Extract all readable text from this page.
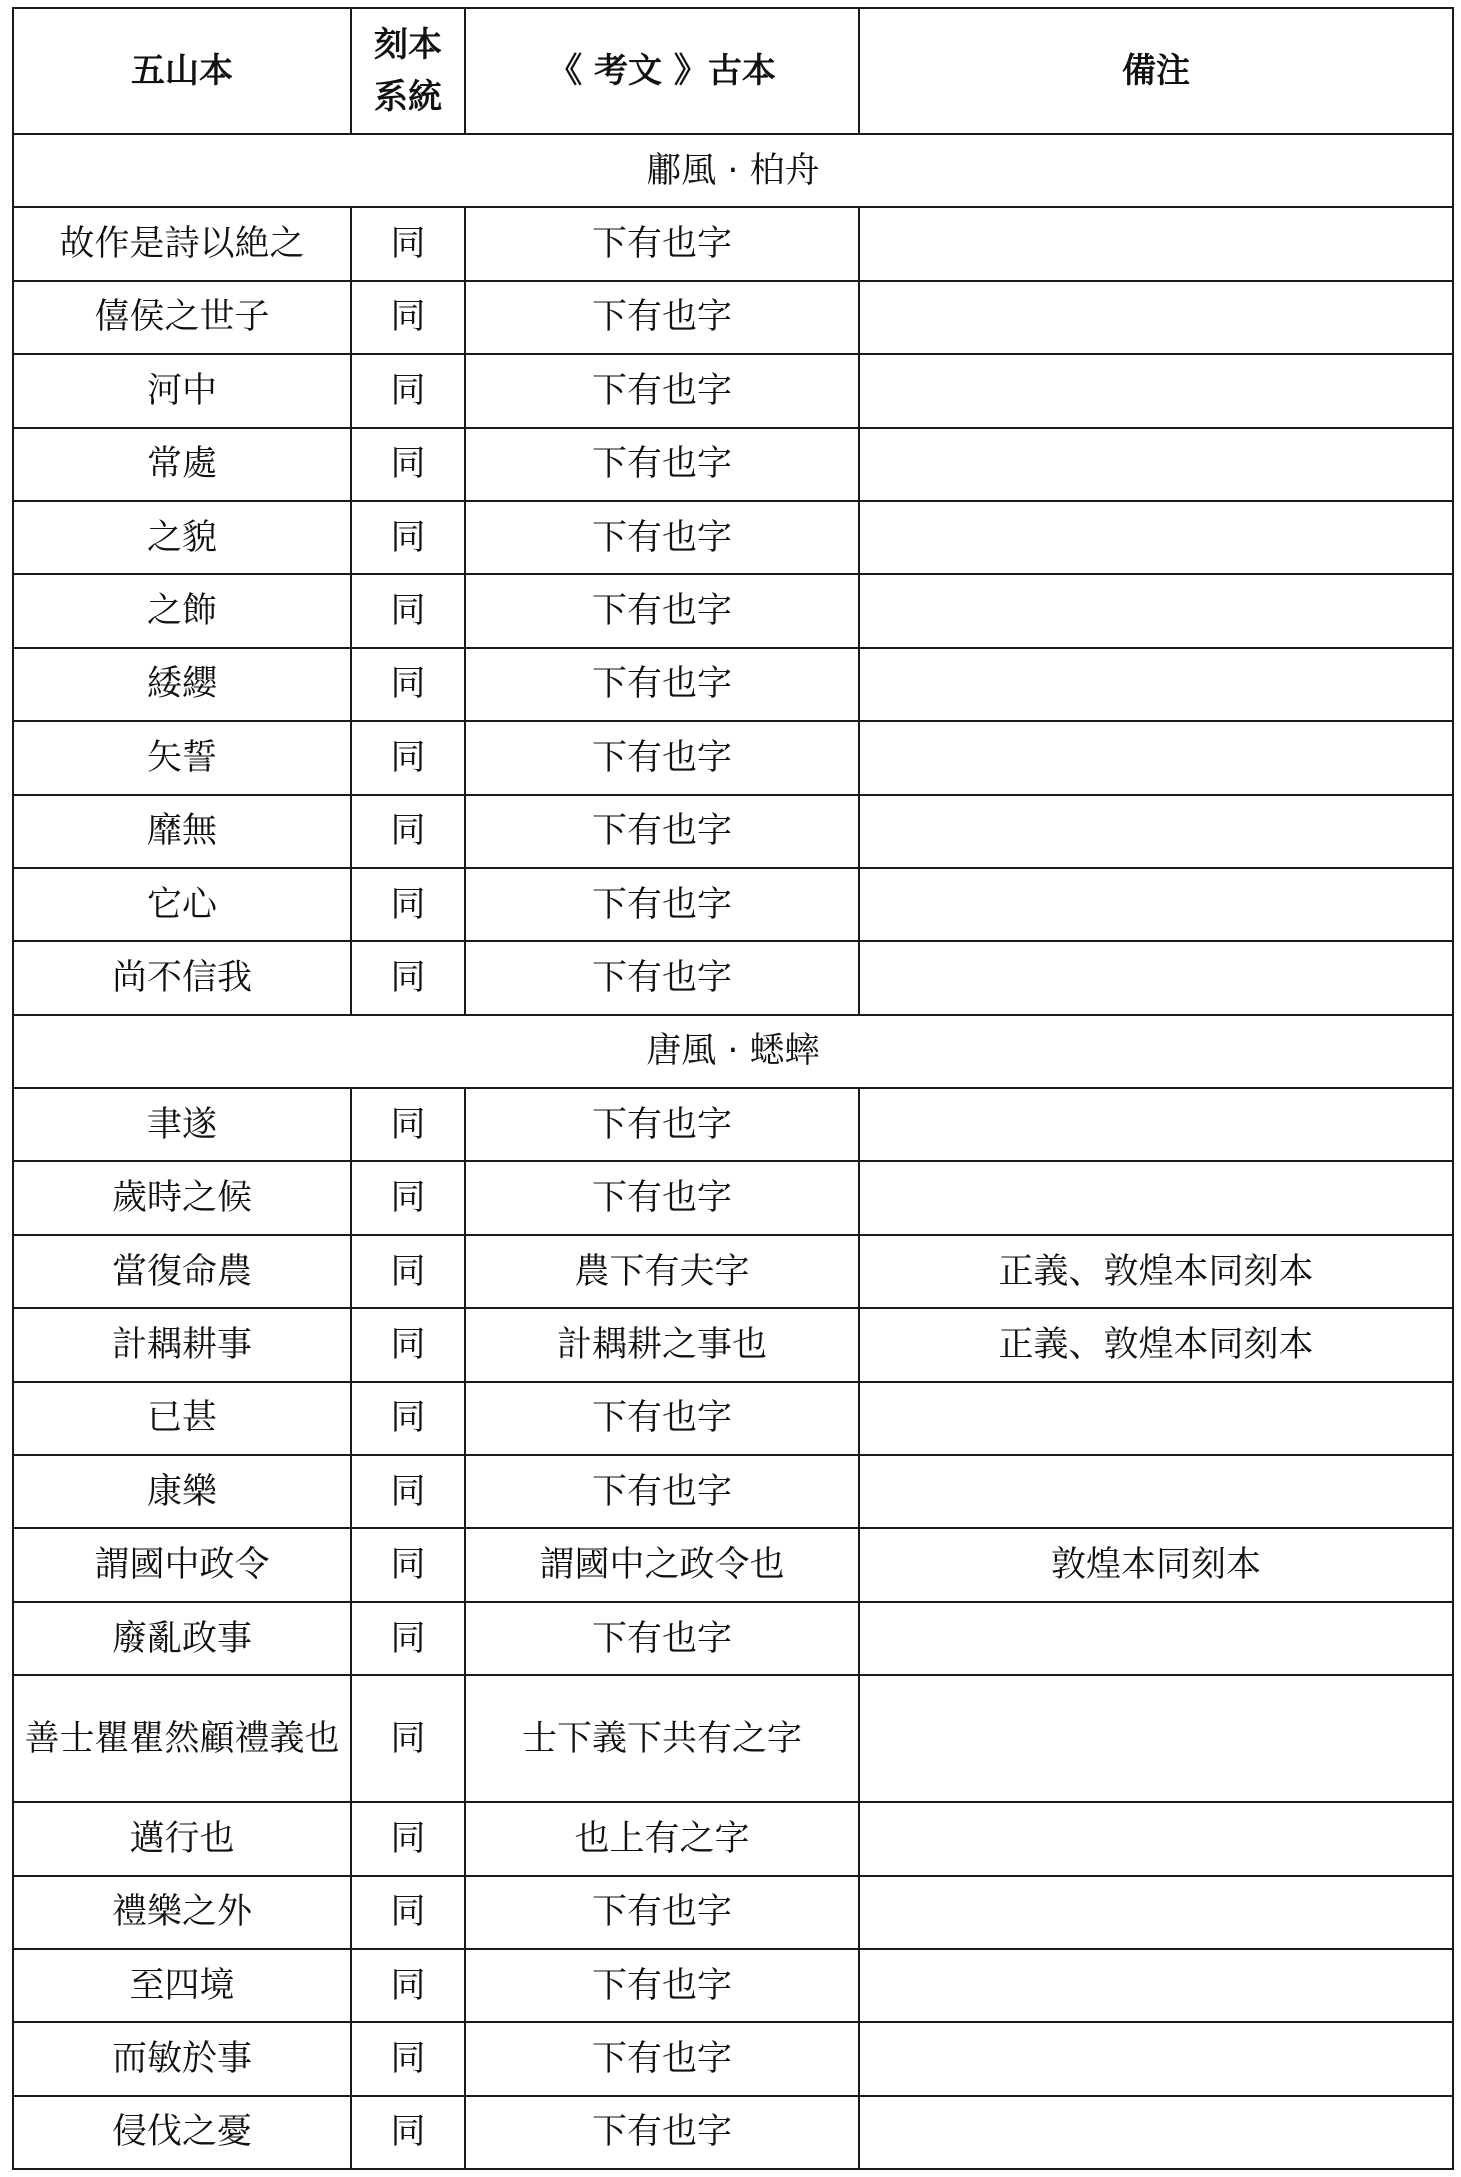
五山本	刻本系統	《 考文 》古本	備注
鄘風 · 柏舟			
故作是詩以絶之	同	下有也字	
僖侯之世子	同	下有也字	
河中	同	下有也字	
常處	同	下有也字	
之貌	同	下有也字	
之飾	同	下有也字	
緌纓	同	下有也字	
矢誓	同	下有也字	
靡無	同	下有也字	
它心	同	下有也字	
尚不信我	同	下有也字	
唐風 · 蟋蟀			
聿遂	同	下有也字	
歲時之候	同	下有也字	
當復命農	同	農下有夫字	正義、敦煌本同刻本
計耦耕事	同	計耦耕之事也	正義、敦煌本同刻本
已甚	同	下有也字	
康樂	同	下有也字	
謂國中政令	同	謂國中之政令也	敦煌本同刻本
廢亂政事	同	下有也字	
善士瞿瞿然顧禮義也	同	士下義下共有之字	
邁行也	同	也上有之字	
禮樂之外	同	下有也字	
至四境	同	下有也字	
而敏於事	同	下有也字	
侵伐之憂	同	下有也字	
